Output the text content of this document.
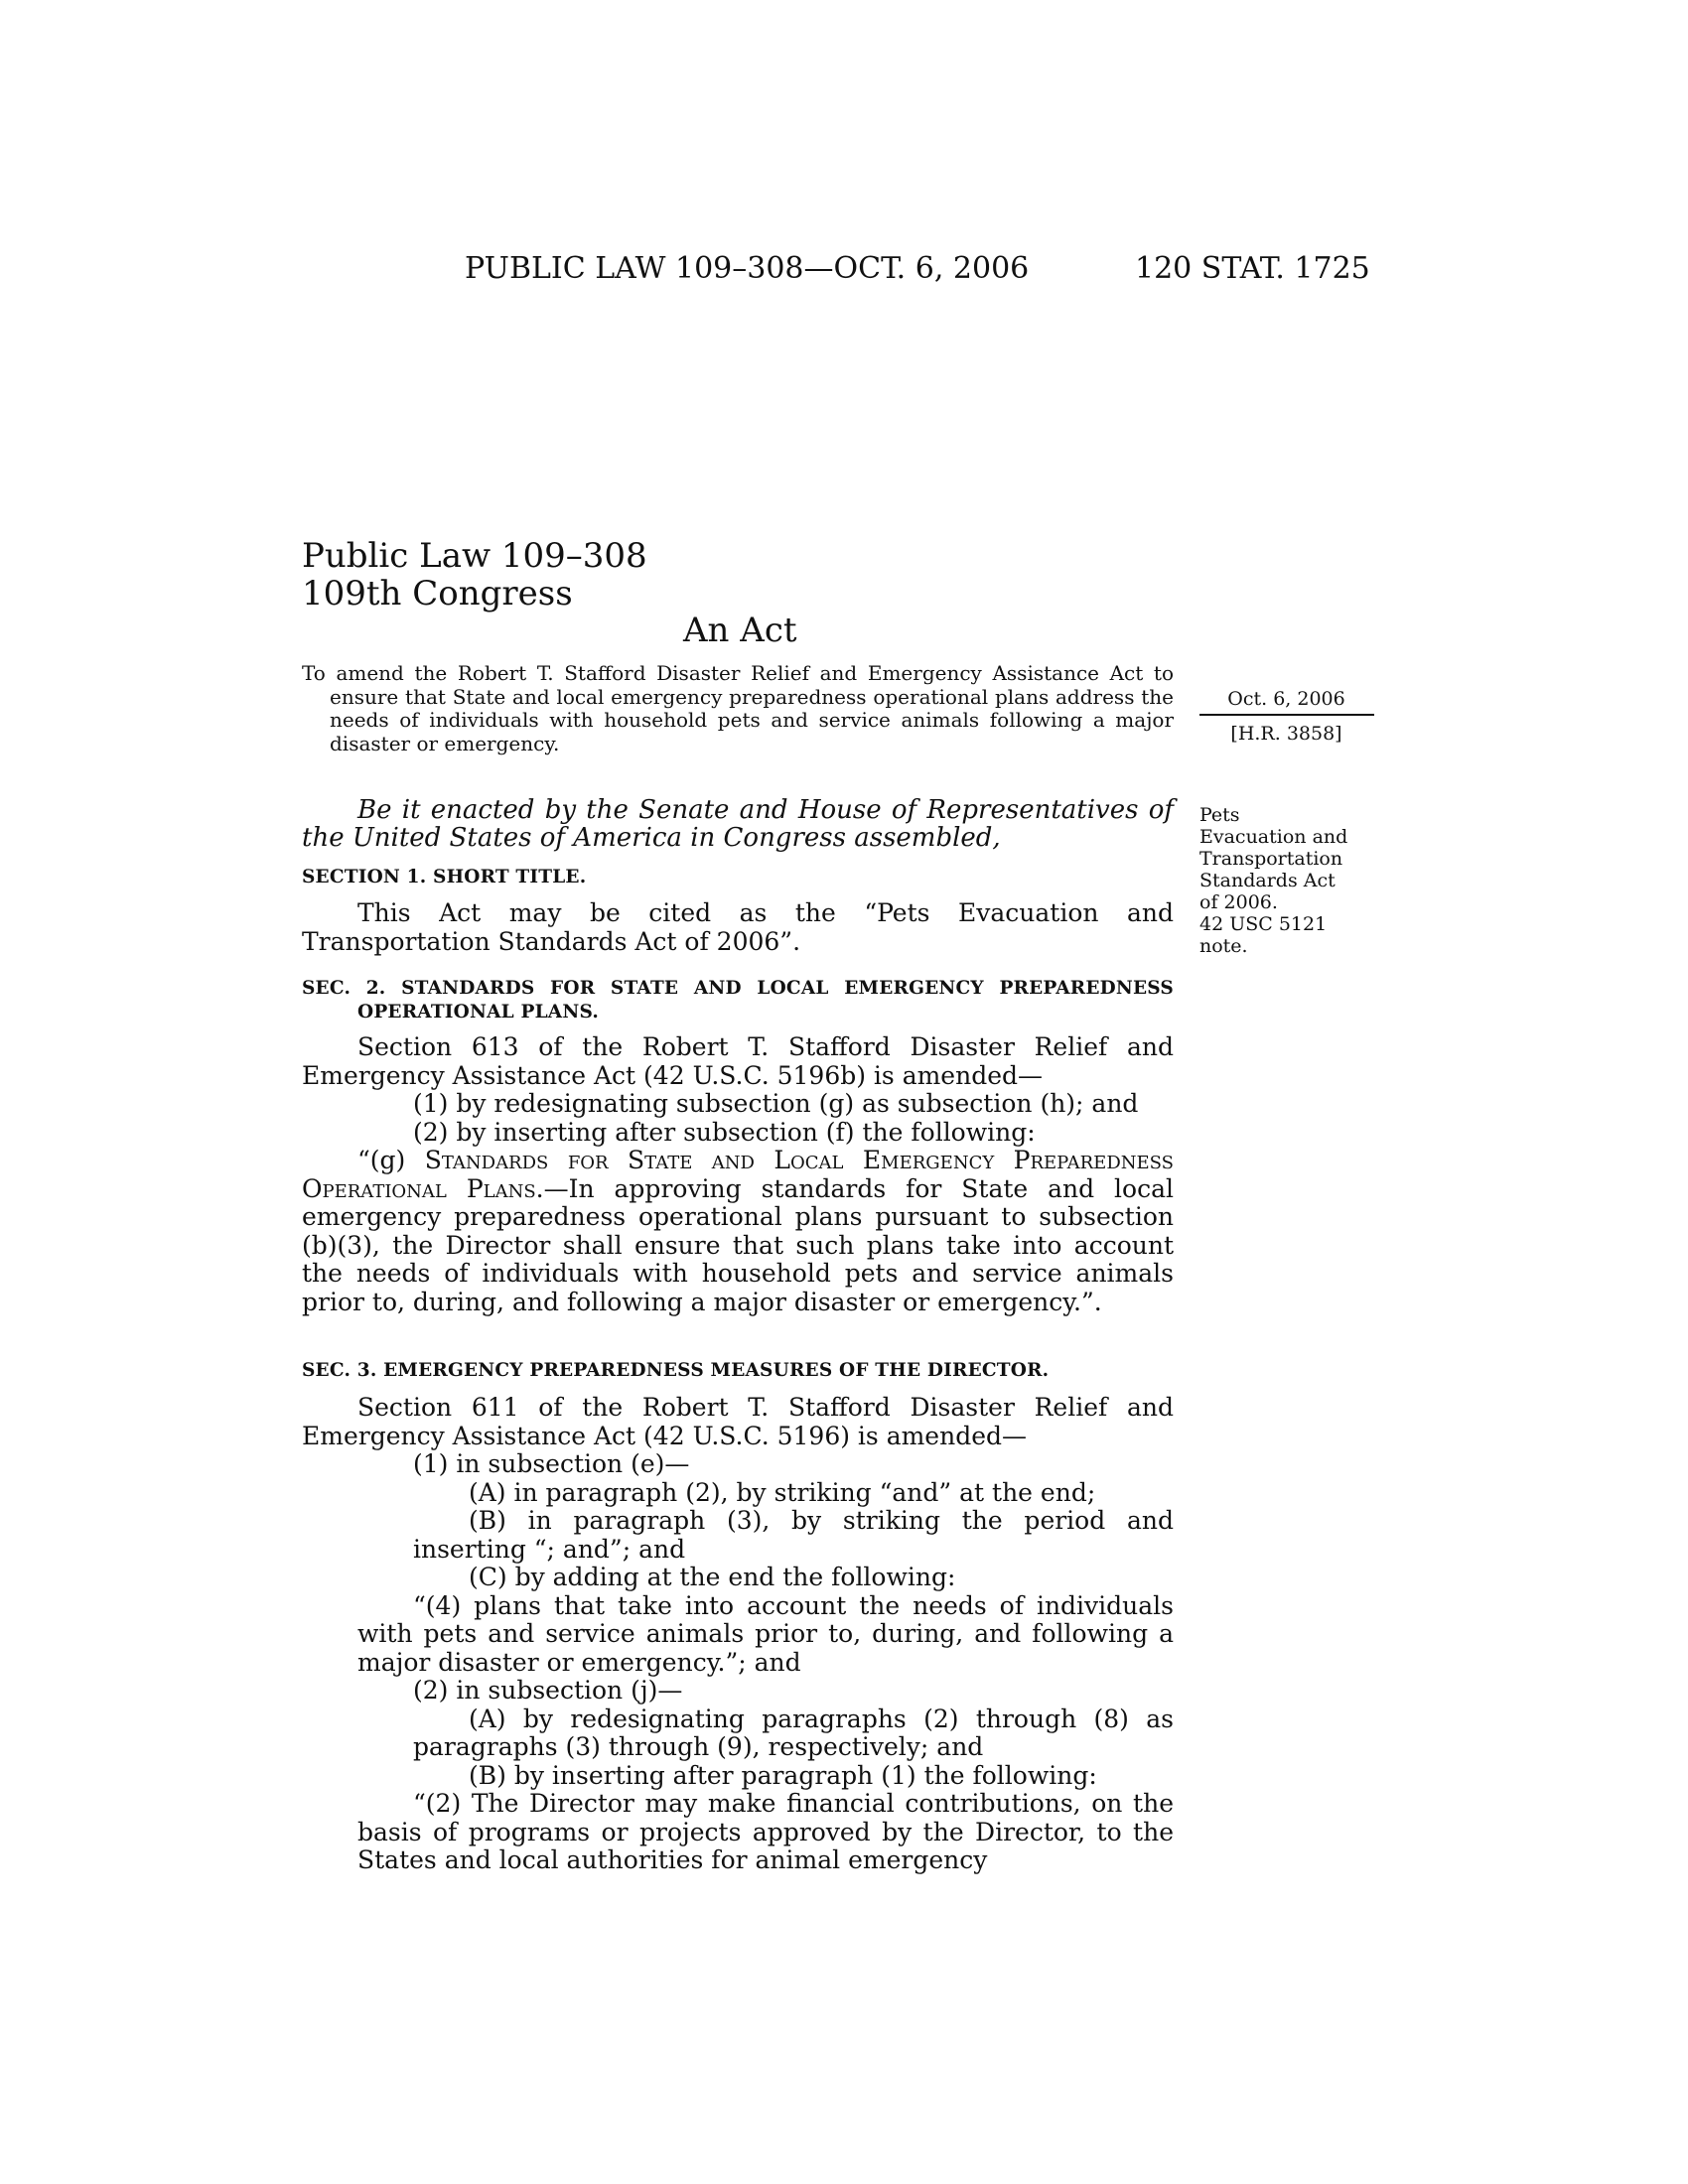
PUBLIC LAW 109–308—OCT. 6, 2006	120 STAT. 1725
Public Law 109–308
109th Congress
An Act

To amend the Robert T. Stafford Disaster Relief and Emergency Assistance Act to ensure that State and local emergency preparedness operational plans address the needs of individuals with household pets and service animals following a major disaster or emergency.

Oct. 6, 2006
[H.R. 3858]
Pets
Evacuation and
Transportation
Standards Act
of 2006.
42 USC 5121
note.

Be it enacted by the Senate and House of Representatives of the United States of America in Congress assembled,

SECTION 1. SHORT TITLE.

This Act may be cited as the “Pets Evacuation and Transportation Standards Act of 2006”.

SEC. 2. STANDARDS FOR STATE AND LOCAL EMERGENCY PREPAREDNESS OPERATIONAL PLANS.

Section 613 of the Robert T. Stafford Disaster Relief and Emergency Assistance Act (42 U.S.C. 5196b) is amended—

(1) by redesignating subsection (g) as subsection (h); and

(2) by inserting after subsection (f) the following:

“(g) Standards for State and Local Emergency Preparedness Operational Plans.—In approving standards for State and local emergency preparedness operational plans pursuant to subsection (b)(3), the Director shall ensure that such plans take into account the needs of individuals with household pets and service animals prior to, during, and following a major disaster or emergency.”.

SEC. 3. EMERGENCY PREPAREDNESS MEASURES OF THE DIRECTOR.

Section 611 of the Robert T. Stafford Disaster Relief and Emergency Assistance Act (42 U.S.C. 5196) is amended—

(1) in subsection (e)—

(A) in paragraph (2), by striking “and” at the end;

(B) in paragraph (3), by striking the period and inserting “; and”; and

(C) by adding at the end the following:

“(4) plans that take into account the needs of individuals with pets and service animals prior to, during, and following a major disaster or emergency.”; and

(2) in subsection (j)—

(A) by redesignating paragraphs (2) through (8) as paragraphs (3) through (9), respectively; and

(B) by inserting after paragraph (1) the following:

“(2) The Director may make financial contributions, on the basis of programs or projects approved by the Director, to the States and local authorities for animal emergency
